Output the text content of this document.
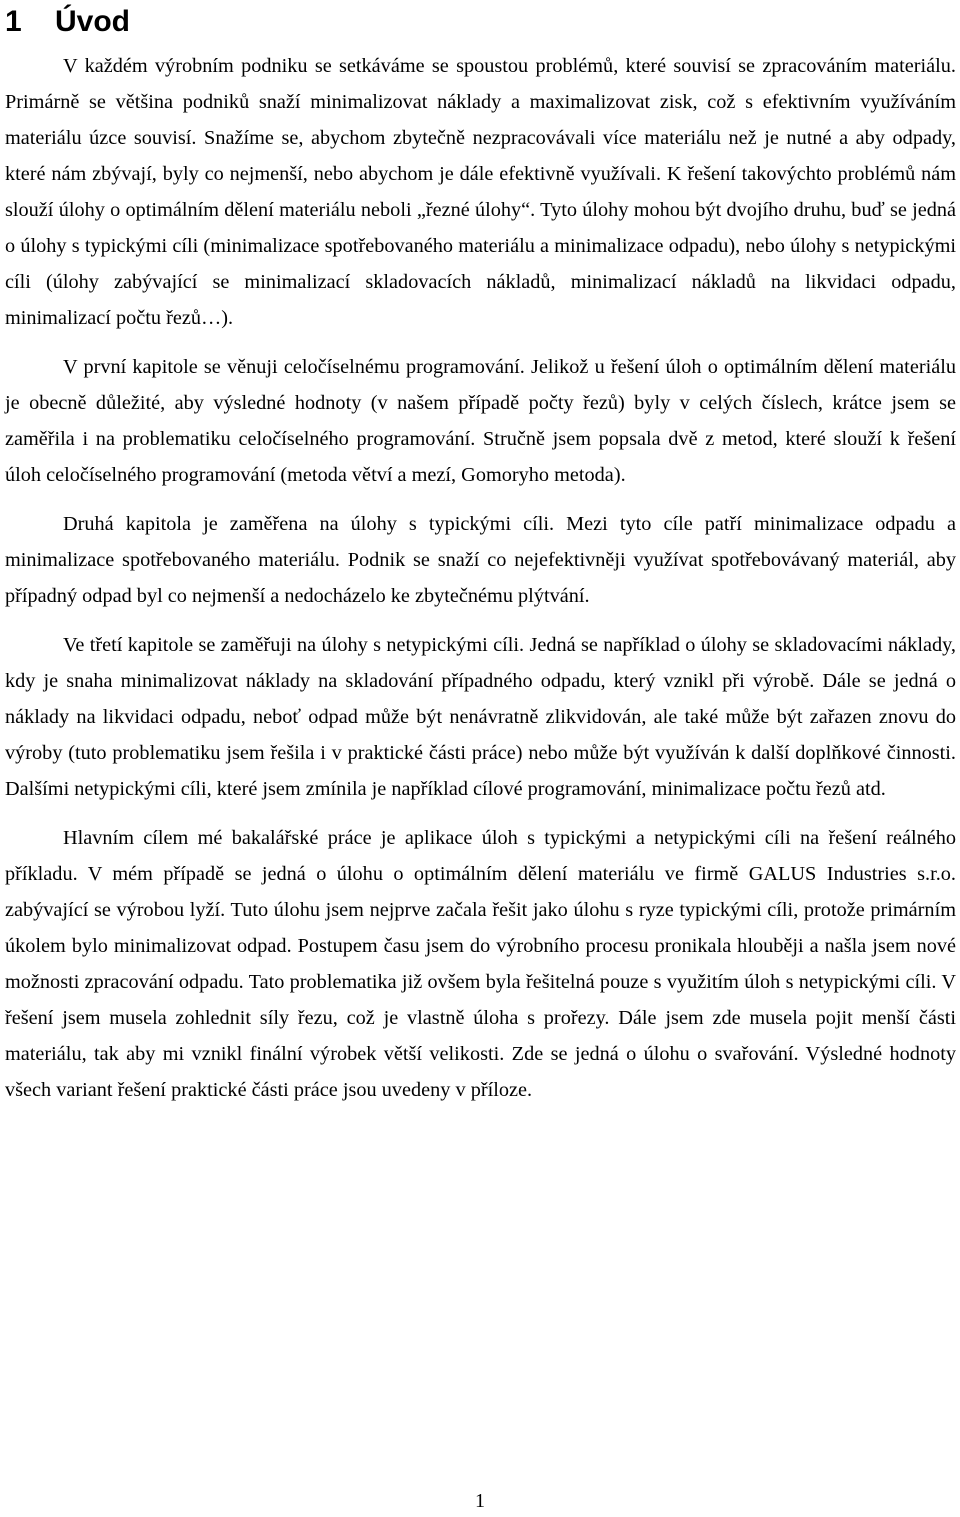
1 Úvod

V každém výrobním podniku se setkáváme se spoustou problémů, které souvisí se zpracováním materiálu. Primárně se většina podniků snaží minimalizovat náklady a maximalizovat zisk, což s efektivním využíváním materiálu úzce souvisí. Snažíme se, abychom zbytečně nezpracovávali více materiálu než je nutné a aby odpady, které nám zbývají, byly co nejmenší, nebo abychom je dále efektivně využívali. K řešení takovýchto problémů nám slouží úlohy o optimálním dělení materiálu neboli „řezné úlohy“. Tyto úlohy mohou být dvojího druhu, buď se jedná o úlohy s typickými cíli (minimalizace spotřebovaného materiálu a minimalizace odpadu), nebo úlohy s netypickými cíli (úlohy zabývající se minimalizací skladovacích nákladů, minimalizací nákladů na likvidaci odpadu, minimalizací počtu řezů…).

V první kapitole se věnuji celočíselnému programování. Jelikož u řešení úloh o optimálním dělení materiálu je obecně důležité, aby výsledné hodnoty (v našem případě počty řezů) byly v celých číslech, krátce jsem se zaměřila i na problematiku celočíselného programování. Stručně jsem popsala dvě z metod, které slouží k řešení úloh celočíselného programování (metoda větví a mezí, Gomoryho metoda).

Druhá kapitola je zaměřena na úlohy s typickými cíli. Mezi tyto cíle patří minimalizace odpadu a minimalizace spotřebovaného materiálu. Podnik se snaží co nejefektivněji využívat spotřebovávaný materiál, aby případný odpad byl co nejmenší a nedocházelo ke zbytečnému plýtvání.

Ve třetí kapitole se zaměřuji na úlohy s netypickými cíli. Jedná se například o úlohy se skladovacími náklady, kdy je snaha minimalizovat náklady na skladování případného odpadu, který vznikl při výrobě. Dále se jedná o náklady na likvidaci odpadu, neboť odpad může být nenávratně zlikvidován, ale také může být zařazen znovu do výroby (tuto problematiku jsem řešila i v praktické části práce) nebo může být využíván k další doplňkové činnosti. Dalšími netypickými cíli, které jsem zmínila je například cílové programování, minimalizace počtu řezů atd.

Hlavním cílem mé bakalářské práce je aplikace úloh s typickými a netypickými cíli na řešení reálného příkladu. V mém případě se jedná o úlohu o optimálním dělení materiálu ve firmě GALUS Industries s.r.o. zabývající se výrobou lyží. Tuto úlohu jsem nejprve začala řešit jako úlohu s ryze typickými cíli, protože primárním úkolem bylo minimalizovat odpad. Postupem času jsem do výrobního procesu pronikala hlouběji a našla jsem nové možnosti zpracování odpadu. Tato problematika již ovšem byla řešitelná pouze s využitím úloh s netypickými cíli. V řešení jsem musela zohlednit síly řezu, což je vlastně úloha s prořezy. Dále jsem zde musela pojit menší části materiálu, tak aby mi vznikl finální výrobek větší velikosti. Zde se jedná o úlohu o svařování. Výsledné hodnoty všech variant řešení praktické části práce jsou uvedeny v příloze.

1
